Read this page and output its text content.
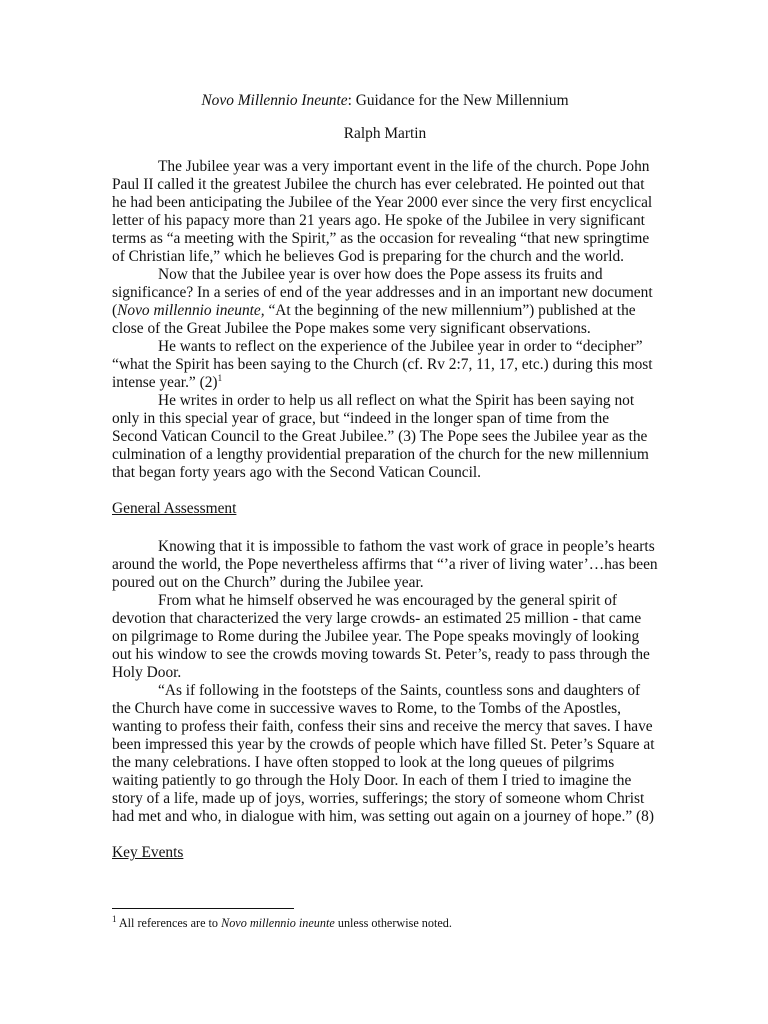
Novo Millennio Ineunte: Guidance for the New Millennium
Ralph Martin

The Jubilee year was a very important event in the life of the church. Pope John Paul II called it the greatest Jubilee the church has ever celebrated. He pointed out that he had been anticipating the Jubilee of the Year 2000 ever since the very first encyclical letter of his papacy more than 21 years ago. He spoke of the Jubilee in very significant terms as “a meeting with the Spirit,” as the occasion for revealing “that new springtime of Christian life,” which he believes God is preparing for the church and the world.

Now that the Jubilee year is over how does the Pope assess its fruits and significance? In a series of end of the year addresses and in an important new document (Novo millennio ineunte, “At the beginning of the new millennium”) published at the close of the Great Jubilee the Pope makes some very significant observations.

He wants to reflect on the experience of the Jubilee year in order to “decipher” “what the Spirit has been saying to the Church (cf. Rv 2:7, 11, 17, etc.) during this most intense year.” $(2)^1$

He writes in order to help us all reflect on what the Spirit has been saying not only in this special year of grace, but “indeed in the longer span of time from the Second Vatican Council to the Great Jubilee.” (3) The Pope sees the Jubilee year as the culmination of a lengthy providential preparation of the church for the new millennium that began forty years ago with the Second Vatican Council.

General Assessment

Knowing that it is impossible to fathom the vast work of grace in people’s hearts around the world, the Pope nevertheless affirms that “’a river of living water’…has been poured out on the Church” during the Jubilee year.

From what he himself observed he was encouraged by the general spirit of devotion that characterized the very large crowds- an estimated 25 million - that came on pilgrimage to Rome during the Jubilee year. The Pope speaks movingly of looking out his window to see the crowds moving towards St. Peter’s, ready to pass through the Holy Door.

“As if following in the footsteps of the Saints, countless sons and daughters of the Church have come in successive waves to Rome, to the Tombs of the Apostles, wanting to profess their faith, confess their sins and receive the mercy that saves. I have been impressed this year by the crowds of people which have filled St. Peter’s Square at the many celebrations. I have often stopped to look at the long queues of pilgrims waiting patiently to go through the Holy Door. In each of them I tried to imagine the story of a life, made up of joys, worries, sufferings; the story of someone whom Christ had met and who, in dialogue with him, was setting out again on a journey of hope.” (8)

Key Events
$^1$ All references are to Novo millennio ineunte unless otherwise noted.
